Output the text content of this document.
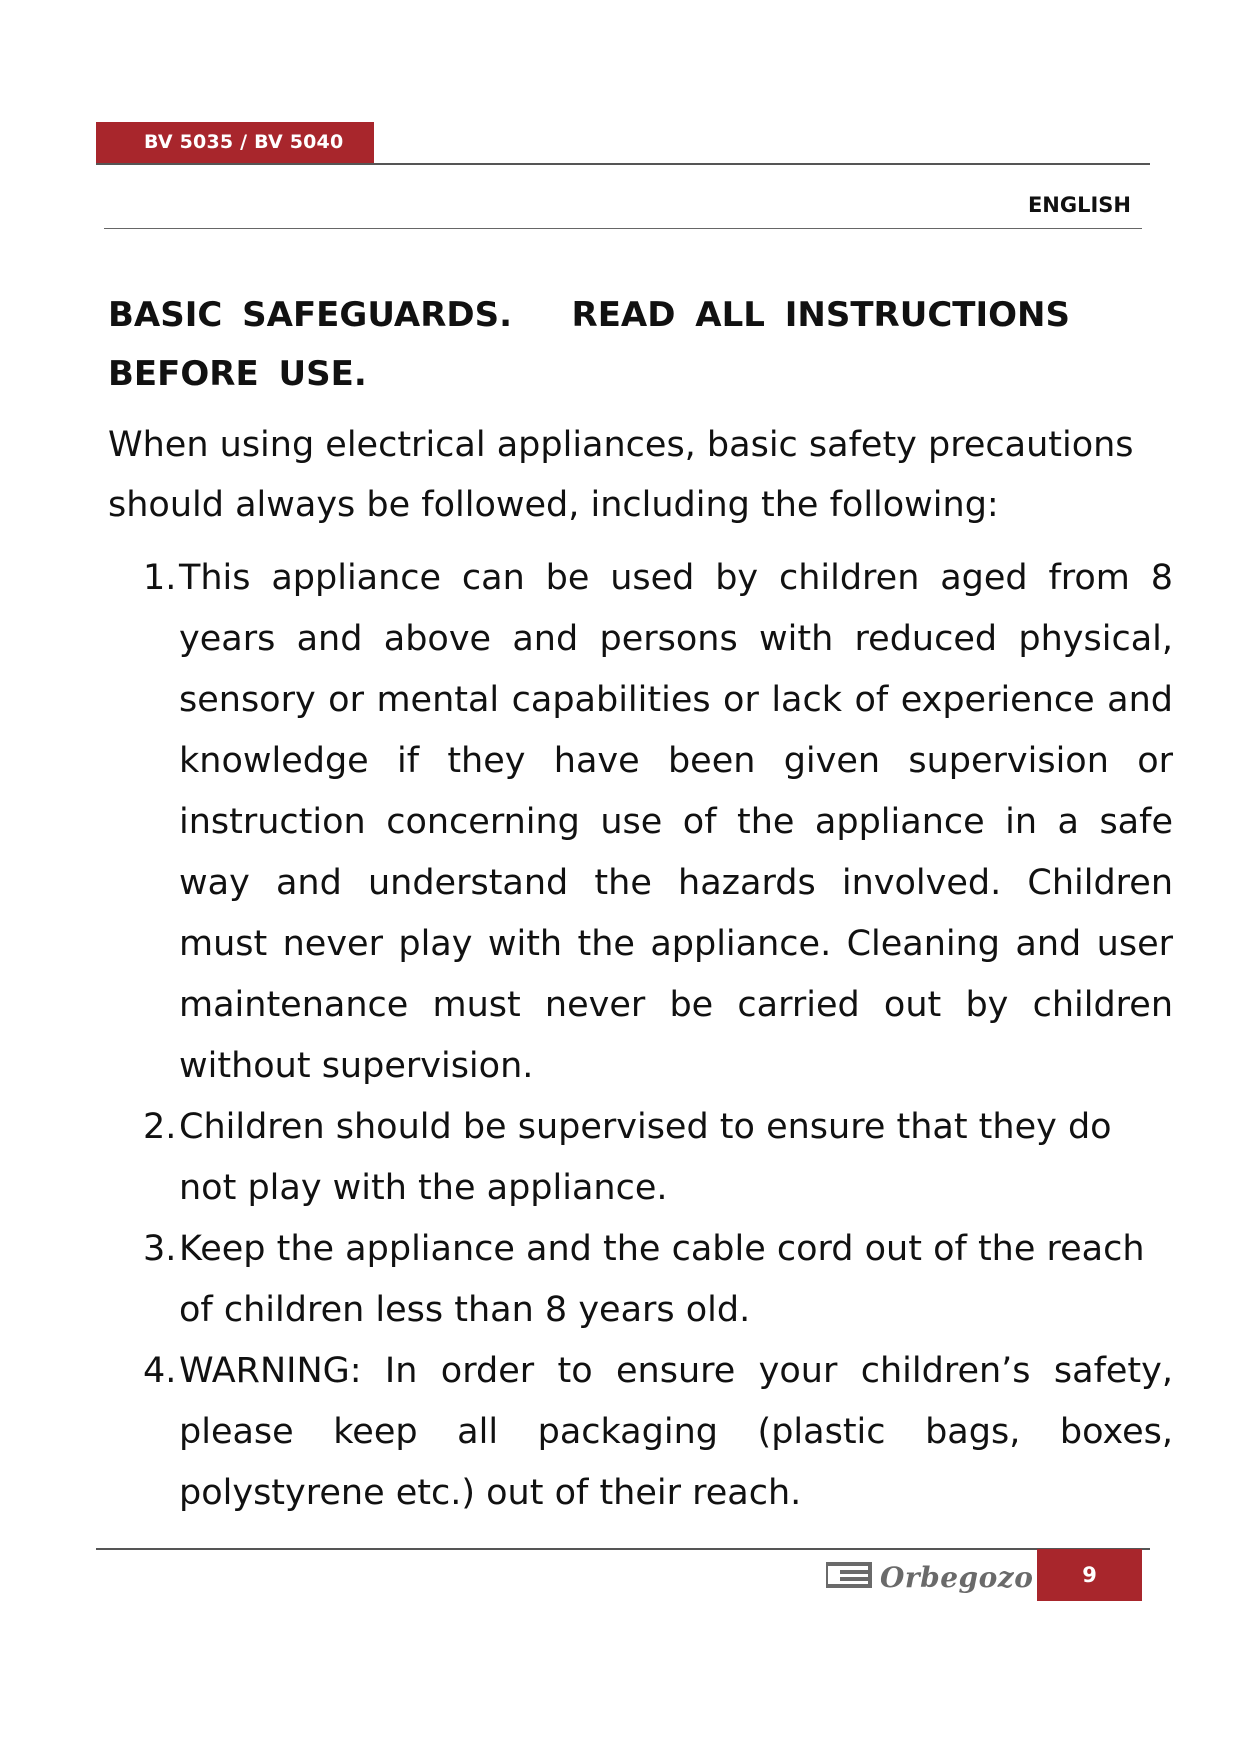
BV 5035 / BV 5040
ENGLISH
BASIC SAFEGUARDS.   READ ALL INSTRUCTIONS
BEFORE USE.

When using electrical appliances, basic safety precautions should always be followed, including the following:

1. This appliance can be used by children aged from 8 years and above and persons with reduced physical, sensory or mental capabilities or lack of experience and knowledge if they have been given supervision or instruction concerning use of the appliance in a safe way and understand the hazards involved. Children must never play with the appliance. Cleaning and user maintenance must never be carried out by children without supervision.
2. Children should be supervised to ensure that they do not play with the appliance.
3. Keep the appliance and the cable cord out of the reach of children less than 8 years old.
4. WARNING: In order to ensure your children’s safety, please keep all packaging (plastic bags, boxes, polystyrene etc.) out of their reach.
Orbegozo	9
